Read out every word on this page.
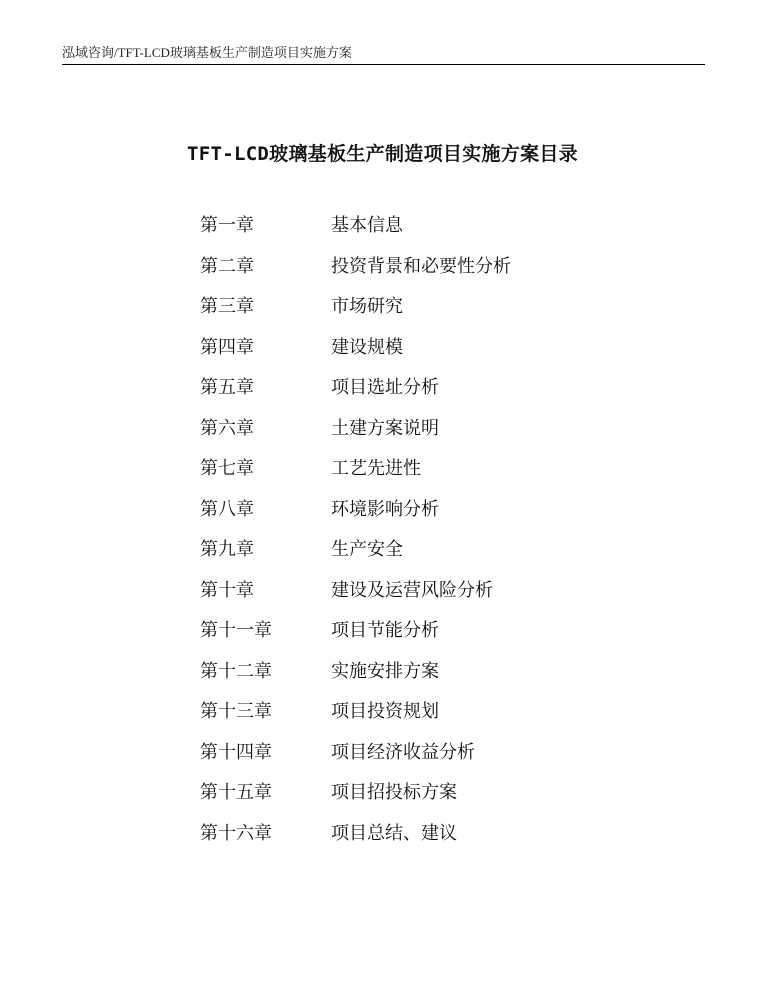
泓域咨询/TFT-LCD玻璃基板生产制造项目实施方案
TFT-LCD玻璃基板生产制造项目实施方案目录
第一章	基本信息
第二章	投资背景和必要性分析
第三章	市场研究
第四章	建设规模
第五章	项目选址分析
第六章	土建方案说明
第七章	工艺先进性
第八章	环境影响分析
第九章	生产安全
第十章	建设及运营风险分析
第十一章	项目节能分析
第十二章	实施安排方案
第十三章	项目投资规划
第十四章	项目经济收益分析
第十五章	项目招投标方案
第十六章	项目总结、建议
